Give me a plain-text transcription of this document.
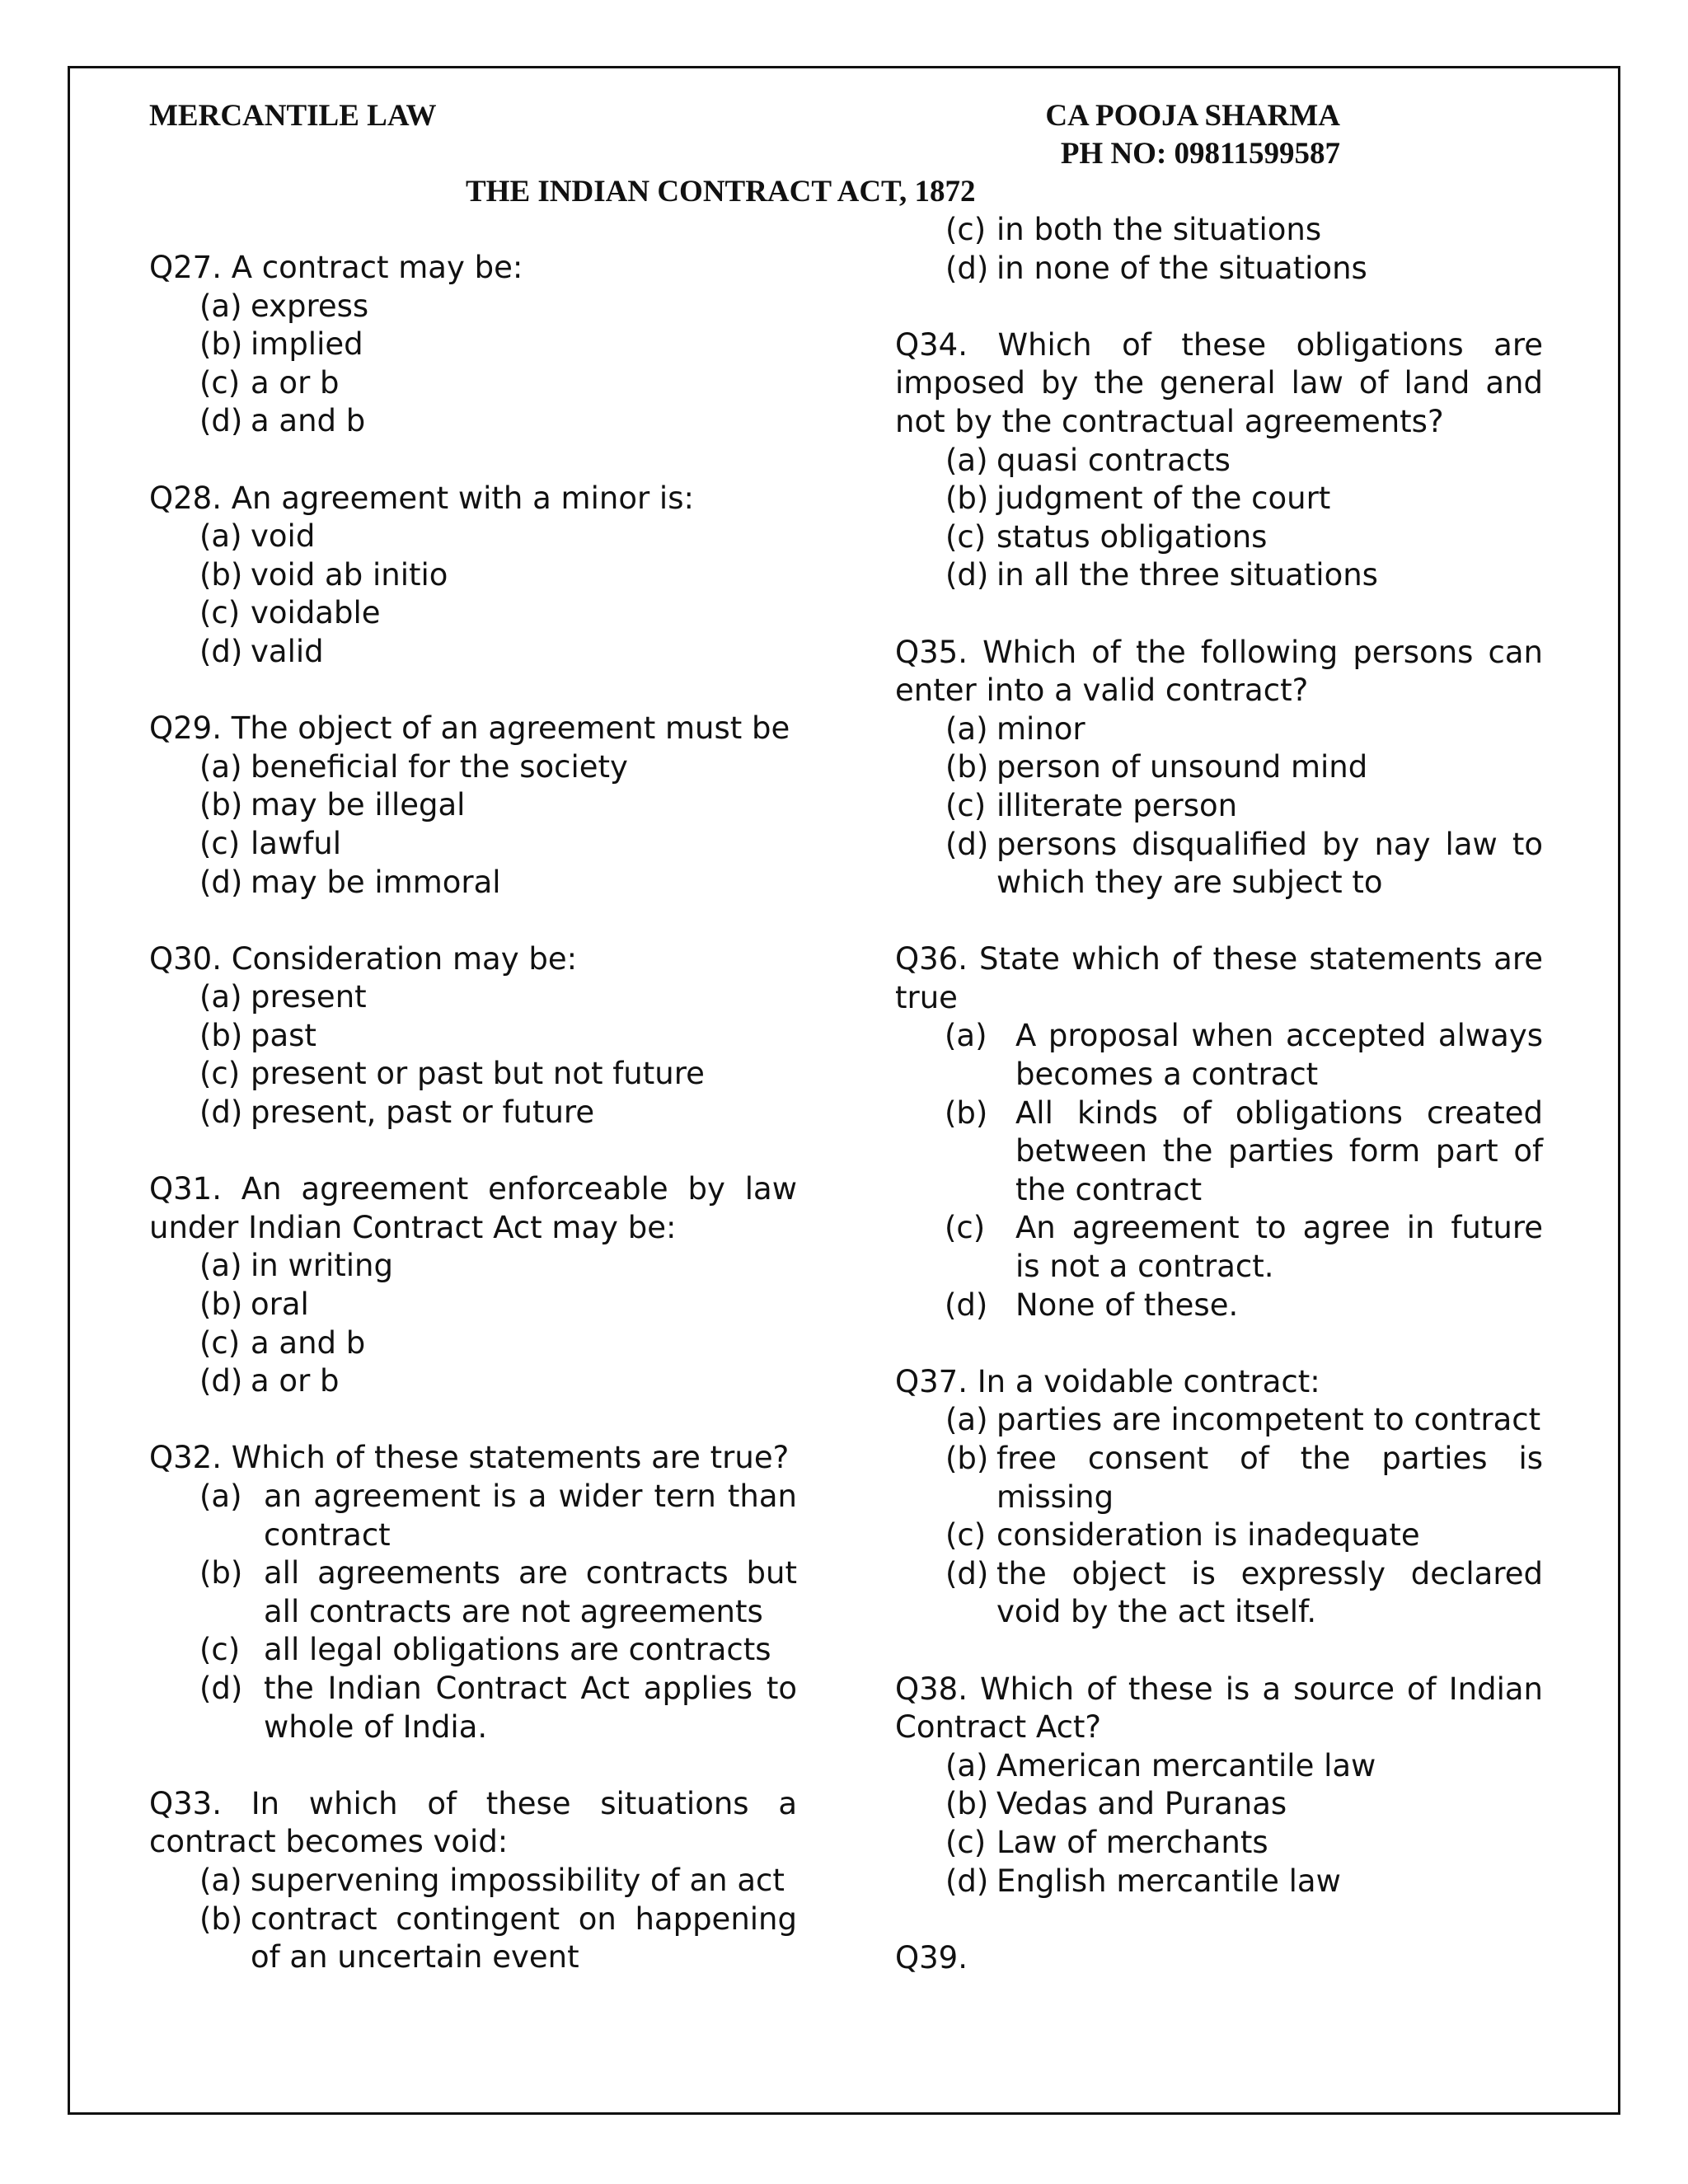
MERCANTILE LAW	CA POOJA SHARMA
PH NO: 09811599587
THE INDIAN CONTRACT ACT, 1872
Q27. A contract may be:
(a) express
(b) implied
(c) a or b
(d) a and b
Q28. An agreement with a minor is:
(a) void
(b) void ab initio
(c) voidable
(d) valid
Q29. The object of an agreement must be
(a) beneficial for the society
(b) may be illegal
(c) lawful
(d) may be immoral
Q30. Consideration may be:
(a) present
(b) past
(c) present or past but not future
(d) present, past or future
Q31. An agreement enforceable by law under Indian Contract Act may be:
(a) in writing
(b) oral
(c) a and b
(d) a or b
Q32. Which of these statements are true?
(a) an agreement is a wider tern than contract
(b) all agreements are contracts but all contracts are not agreements
(c) all legal obligations are contracts
(d) the Indian Contract Act applies to whole of India.
Q33. In which of these situations a contract becomes void:
(a) supervening impossibility of an act
(b) contract contingent on happening of an uncertain event
(c) in both the situations
(d) in none of the situations
Q34. Which of these obligations are imposed by the general law of land and not by the contractual agreements?
(a) quasi contracts
(b) judgment of the court
(c) status obligations
(d) in all the three situations
Q35. Which of the following persons can enter into a valid contract?
(a) minor
(b) person of unsound mind
(c) illiterate person
(d) persons disqualified by nay law to which they are subject to
Q36. State which of these statements are true
(a) A proposal when accepted always becomes a contract
(b) All kinds of obligations created between the parties form part of the contract
(c) An agreement to agree in future is not a contract.
(d) None of these.
Q37. In a voidable contract:
(a) parties are incompetent to contract
(b) free consent of the parties is missing
(c) consideration is inadequate
(d) the object is expressly declared void by the act itself.
Q38. Which of these is a source of Indian Contract Act?
(a) American mercantile law
(b) Vedas and Puranas
(c) Law of merchants
(d) English mercantile law
Q39.
